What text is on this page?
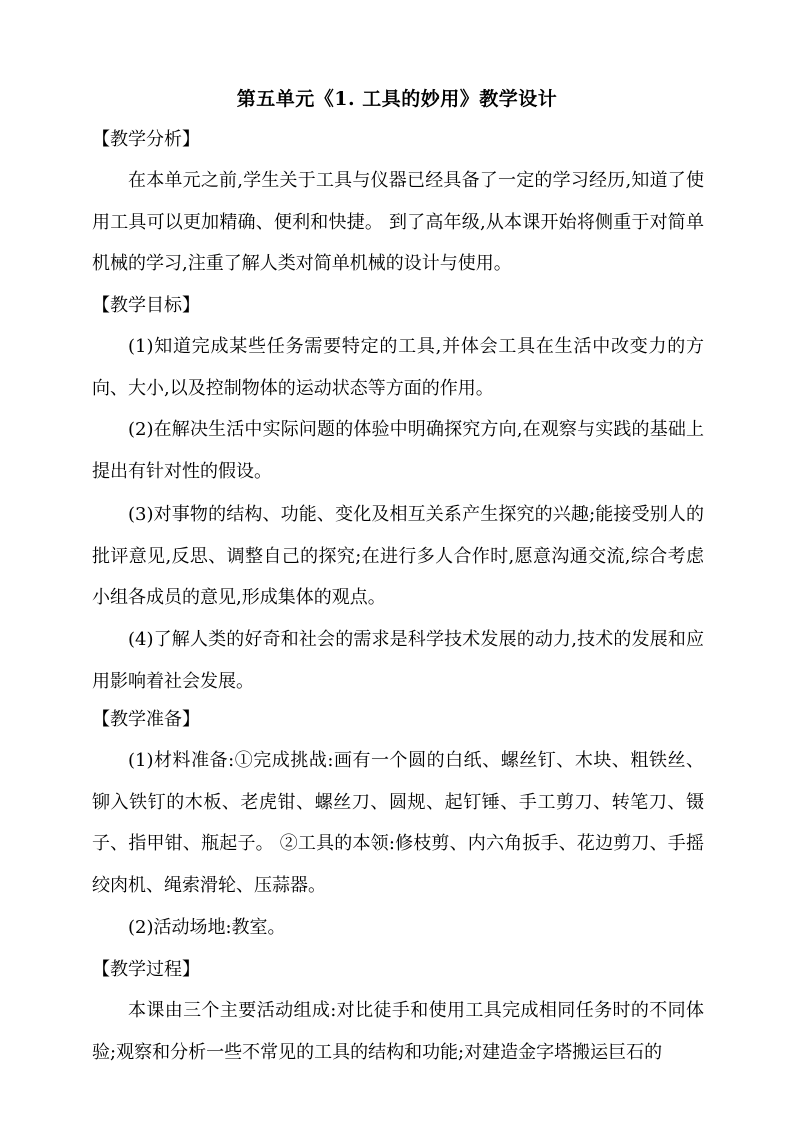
第五单元《1. 工具的妙用》教学设计
【教学分析】
在本单元之前,学生关于工具与仪器已经具备了一定的学习经历,知道了使用工具可以更加精确、便利和快捷。 到了高年级,从本课开始将侧重于对简单机械的学习,注重了解人类对简单机械的设计与使用。
【教学目标】
(1)知道完成某些任务需要特定的工具,并体会工具在生活中改变力的方向、大小,以及控制物体的运动状态等方面的作用。
(2)在解决生活中实际问题的体验中明确探究方向,在观察与实践的基础上提出有针对性的假设。
(3)对事物的结构、功能、变化及相互关系产生探究的兴趣;能接受别人的批评意见,反思、调整自己的探究;在进行多人合作时,愿意沟通交流,综合考虑小组各成员的意见,形成集体的观点。
(4)了解人类的好奇和社会的需求是科学技术发展的动力,技术的发展和应用影响着社会发展。
【教学准备】
(1)材料准备:①完成挑战:画有一个圆的白纸、螺丝钉、木块、粗铁丝、铆入铁钉的木板、老虎钳、螺丝刀、圆规、起钉锤、手工剪刀、转笔刀、镊子、指甲钳、瓶起子。 ②工具的本领:修枝剪、内六角扳手、花边剪刀、手摇绞肉机、绳索滑轮、压蒜器。
(2)活动场地:教室。
【教学过程】
本课由三个主要活动组成:对比徒手和使用工具完成相同任务时的不同体验;观察和分析一些不常见的工具的结构和功能;对建造金字塔搬运巨石的
